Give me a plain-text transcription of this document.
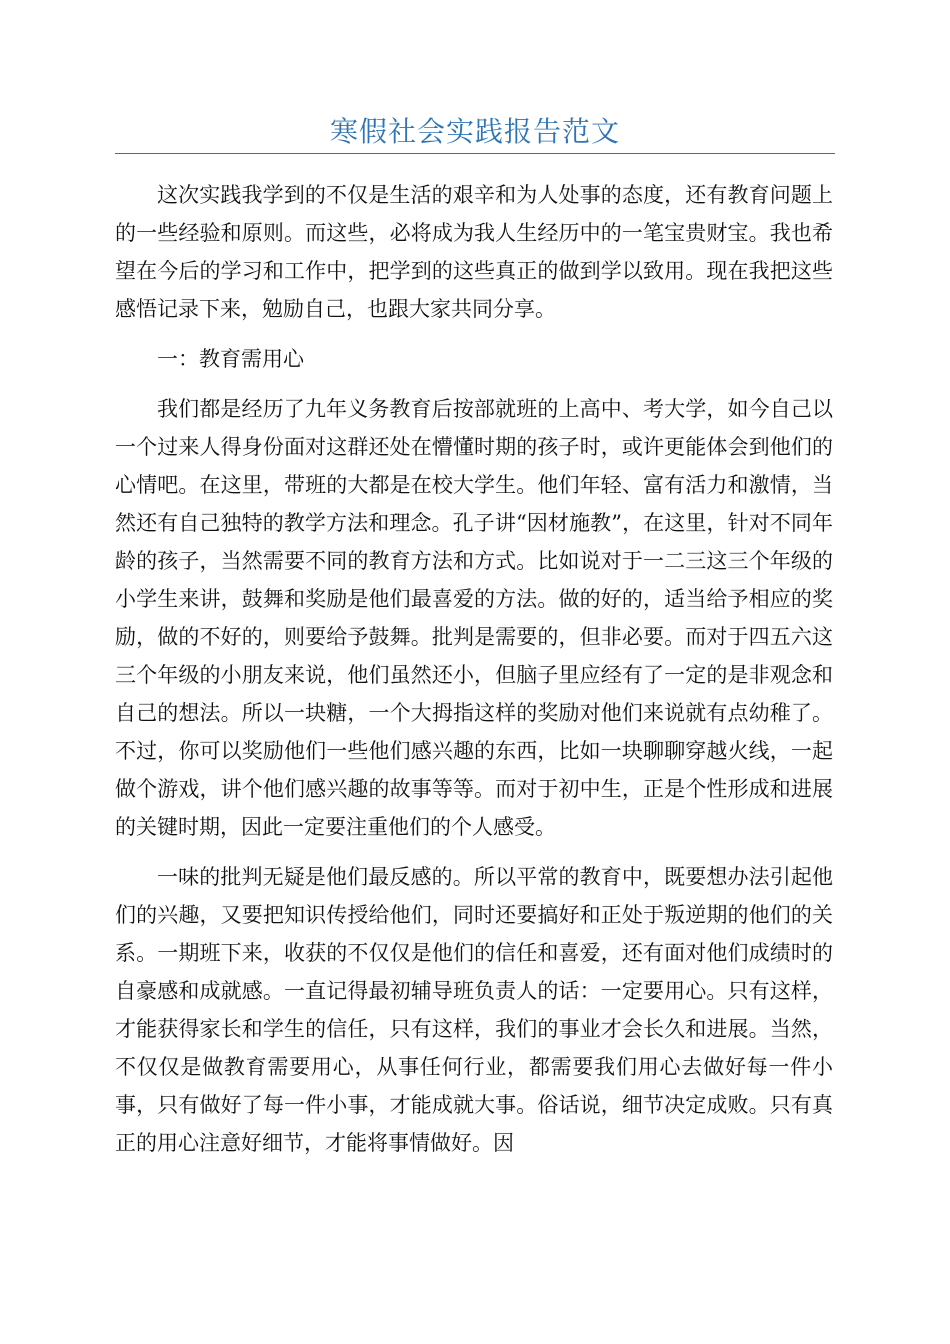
寒假社会实践报告范文

这次实践我学到的不仅是生活的艰辛和为人处事的态度，还有教育问题上的一些经验和原则。而这些，必将成为我人生经历中的一笔宝贵财宝。我也希望在今后的学习和工作中，把学到的这些真正的做到学以致用。现在我把这些感悟记录下来，勉励自己，也跟大家共同分享。

一：教育需用心

我们都是经历了九年义务教育后按部就班的上高中、考大学，如今自己以一个过来人得身份面对这群还处在懵懂时期的孩子时，或许更能体会到他们的心情吧。在这里，带班的大都是在校大学生。他们年轻、富有活力和激情，当然还有自己独特的教学方法和理念。孔子讲“因材施教”，在这里，针对不同年龄的孩子，当然需要不同的教育方法和方式。比如说对于一二三这三个年级的小学生来讲，鼓舞和奖励是他们最喜爱的方法。做的好的，适当给予相应的奖励，做的不好的，则要给予鼓舞。批判是需要的，但非必要。而对于四五六这三个年级的小朋友来说，他们虽然还小，但脑子里应经有了一定的是非观念和自己的想法。所以一块糖，一个大拇指这样的奖励对他们来说就有点幼稚了。不过，你可以奖励他们一些他们感兴趣的东西，比如一块聊聊穿越火线，一起做个游戏，讲个他们感兴趣的故事等等。而对于初中生，正是个性形成和进展的关键时期，因此一定要注重他们的个人感受。

一味的批判无疑是他们最反感的。所以平常的教育中，既要想办法引起他们的兴趣，又要把知识传授给他们，同时还要搞好和正处于叛逆期的他们的关系。一期班下来，收获的不仅仅是他们的信任和喜爱，还有面对他们成绩时的自豪感和成就感。一直记得最初辅导班负责人的话：一定要用心。只有这样，才能获得家长和学生的信任，只有这样，我们的事业才会长久和进展。当然，不仅仅是做教育需要用心，从事任何行业，都需要我们用心去做好每一件小事，只有做好了每一件小事，才能成就大事。俗话说，细节决定成败。只有真正的用心注意好细节，才能将事情做好。因
